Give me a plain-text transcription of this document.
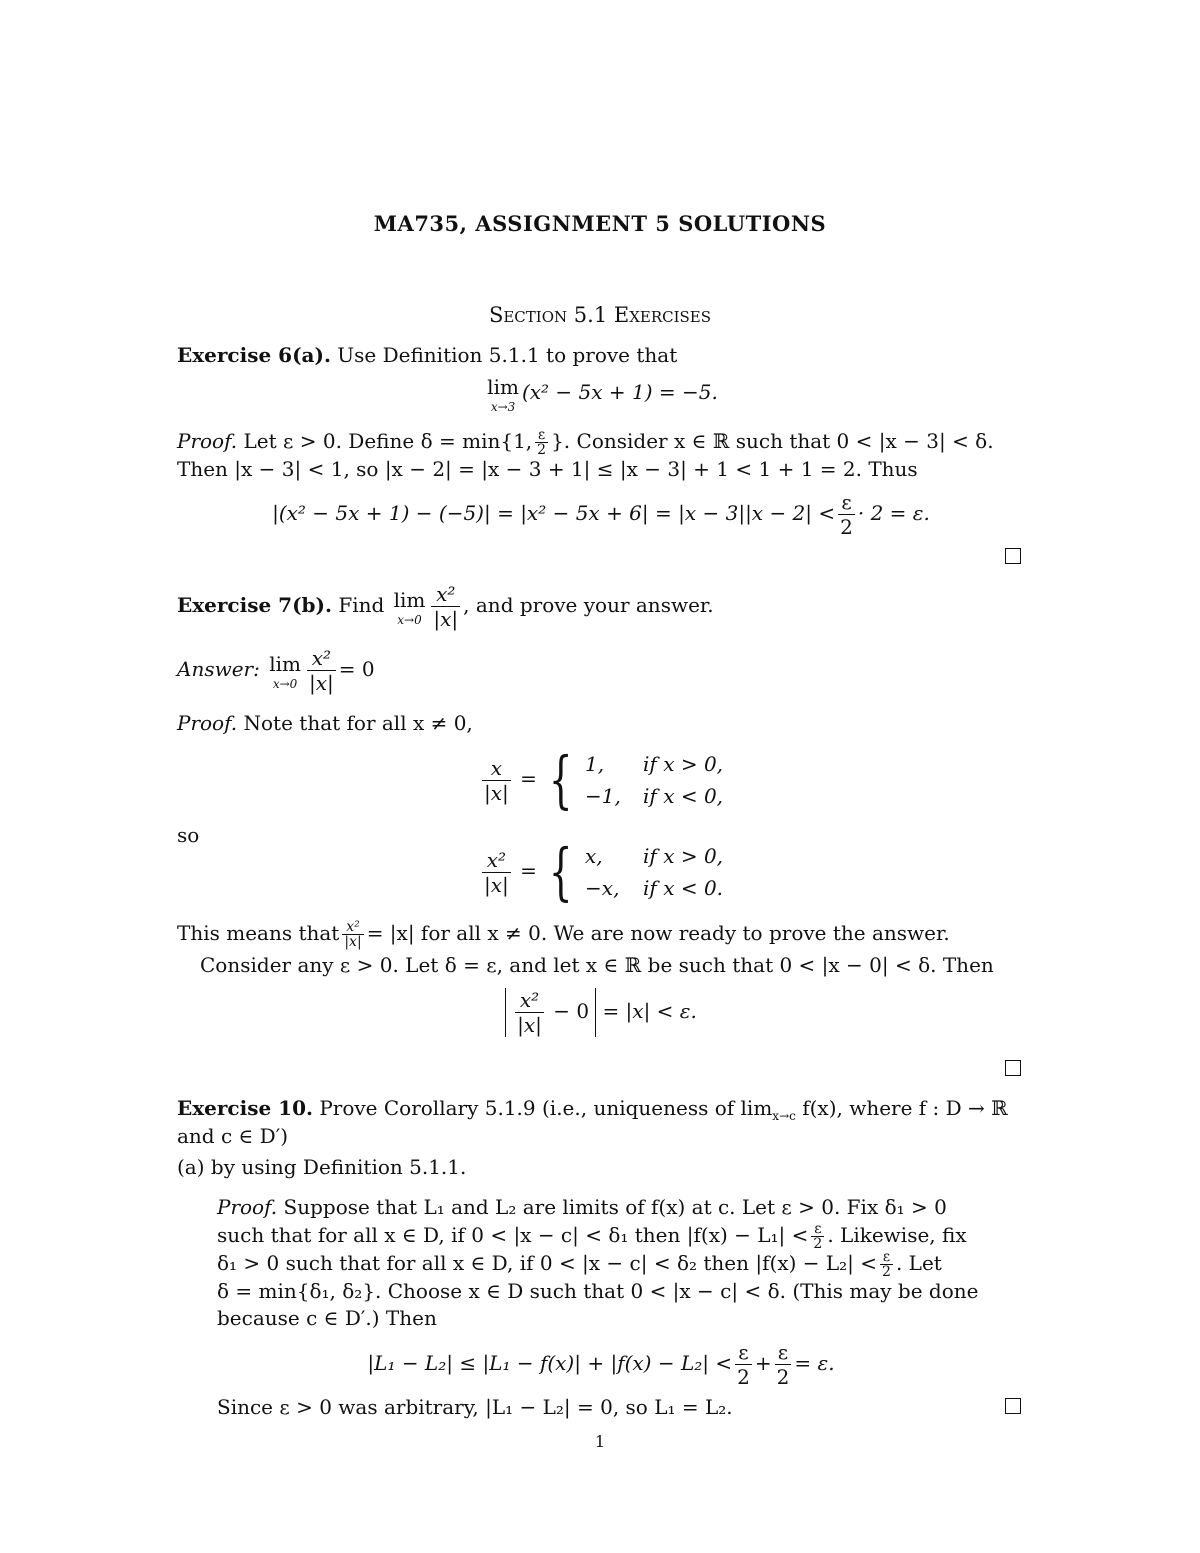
MA735, ASSIGNMENT 5 SOLUTIONS
Section 5.1 Exercises
Exercise 6(a). Use Definition 5.1.1 to prove that
lim
x→3
(x² − 5x + 1) = −5.
Proof. Let ε > 0. Define δ = min{1, $\frac{\varepsilon}{2}$ }. Consider x ∈ ℝ such that 0 < |x − 3| < δ.
Then |x − 3| < 1, so |x − 2| = |x − 3 + 1| ≤ |x − 3| + 1 < 1 + 1 = 2. Thus
$|(x^2 - 5x + 1) - (-5)| = |x^2 - 5x + 6| = |x - 3||x - 2| < \frac{\varepsilon}{2} \cdot 2 = \varepsilon$.
Exercise 7(b). Find lim
$x\to 0 \frac{\text{x²}}{|x|}$ , and prove your answer.
Answer: lim
$x\to 0 \frac{\text{x²}}{|x|} = 0$
Proof. Note that for all x ≠ 0,
$\frac{x}{|x|}$ = { 1, if x > 0,
−1, if x < 0,
so
$\frac{\text{x²}}{|x|}$ = { x, if x > 0,
−x, if x < 0.
This means that $\frac{\text{x²}}{|x|} = |x|$ for all x ≠ 0. We are now ready to prove the answer.
Consider any ε > 0. Let δ = ε, and let x ∈ ℝ be such that 0 < |x − 0| < δ. Then
$\frac{\text{x²}}{|x|} - 0 = |x| < \varepsilon$.
Exercise 10. Prove Corollary 5.1.9 (i.e., uniqueness of $\lim_{x\to c} f(x)$, where f : D → ℝ
and c ∈ D′)
(a) by using Definition 5.1.1.
Proof. Suppose that L₁ and L₂ are limits of f(x) at c. Let ε > 0. Fix δ₁ > 0
such that for all x ∈ D, if 0 < |x − c| < δ₁ then $|f(x) - L_1| < \frac{\varepsilon}{2}$ . Likewise, fix
δ₁ > 0 such that for all x ∈ D, if 0 < |x − c| < δ₂ then $|f(x) - L_2| < \frac{\varepsilon}{2}$ . Let
δ = min{δ₁, δ₂}. Choose x ∈ D such that 0 < |x − c| < δ. (This may be done
because c ∈ D′.) Then
$|L_1 - L_2| \le |L_1 - f(x)| + |f(x) - L_2| < \frac{\varepsilon}{2} + \frac{\varepsilon}{2} = \varepsilon$.
Since ε > 0 was arbitrary, |L₁ − L₂| = 0, so L₁ = L₂.
1
